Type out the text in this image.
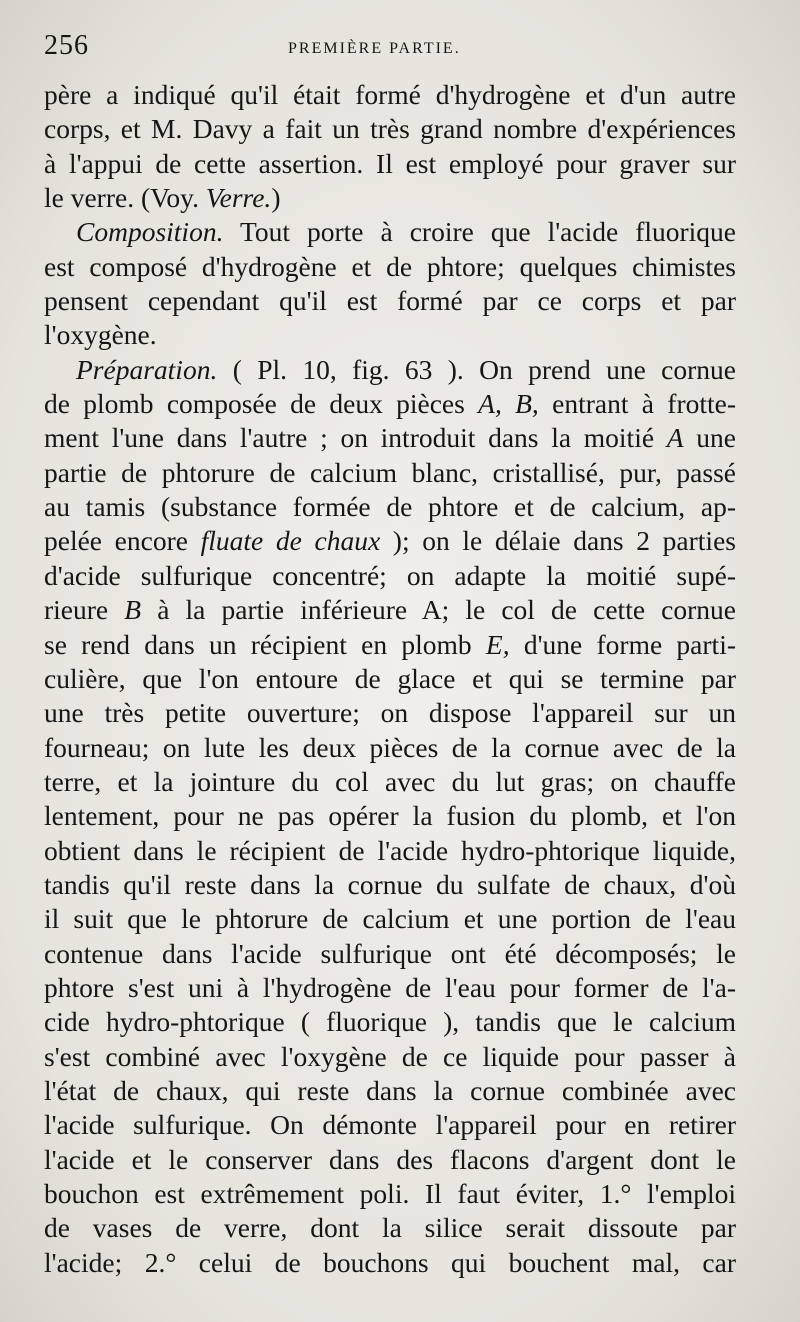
256	PREMIÈRE PARTIE.
père a indiqué qu'il était formé d'hydrogène et d'un autre
corps, et M. Davy a fait un très grand nombre d'expériences
à l'appui de cette assertion. Il est employé pour graver sur
le verre. (Voy. Verre.)
Composition. Tout porte à croire que l'acide fluorique
est composé d'hydrogène et de phtore; quelques chimistes
pensent cependant qu'il est formé par ce corps et par
l'oxygène.
Préparation. ( Pl. 10, fig. 63 ). On prend une cornue
de plomb composée de deux pièces A, B, entrant à frotte-
ment l'une dans l'autre ; on introduit dans la moitié A une
partie de phtorure de calcium blanc, cristallisé, pur, passé
au tamis (substance formée de phtore et de calcium, ap-
pelée encore fluate de chaux ); on le délaie dans 2 parties
d'acide sulfurique concentré; on adapte la moitié supé-
rieure B à la partie inférieure A; le col de cette cornue
se rend dans un récipient en plomb E, d'une forme parti-
culière, que l'on entoure de glace et qui se termine par
une très petite ouverture; on dispose l'appareil sur un
fourneau; on lute les deux pièces de la cornue avec de la
terre, et la jointure du col avec du lut gras; on chauffe
lentement, pour ne pas opérer la fusion du plomb, et l'on
obtient dans le récipient de l'acide hydro-phtorique liquide,
tandis qu'il reste dans la cornue du sulfate de chaux, d'où
il suit que le phtorure de calcium et une portion de l'eau
contenue dans l'acide sulfurique ont été décomposés; le
phtore s'est uni à l'hydrogène de l'eau pour former de l'a-
cide hydro-phtorique ( fluorique ), tandis que le calcium
s'est combiné avec l'oxygène de ce liquide pour passer à
l'état de chaux, qui reste dans la cornue combinée avec
l'acide sulfurique. On démonte l'appareil pour en retirer
l'acide et le conserver dans des flacons d'argent dont le
bouchon est extrêmement poli. Il faut éviter, 1.° l'emploi
de vases de verre, dont la silice serait dissoute par
l'acide; 2.° celui de bouchons qui bouchent mal, car
